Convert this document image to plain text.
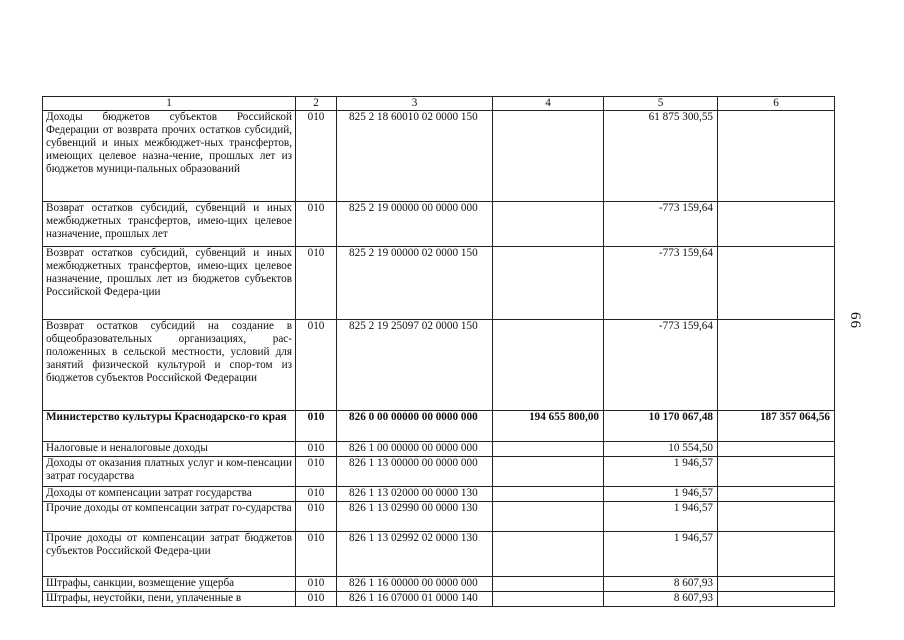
66
1	2	3	4	5	6
Доходы бюджетов субъектов Российской Федерации от возврата прочих остатков субсидий, субвенций и иных межбюджет-ных трансфертов, имеющих целевое назна-чение, прошлых лет из бюджетов муници-пальных образований	010	825 2 18 60010 02 0000 150		61 875 300,55	
Возврат остатков субсидий, субвенций и иных межбюджетных трансфертов, имею-щих целевое назначение, прошлых лет	010	825 2 19 00000 00 0000 000		-773 159,64	
Возврат остатков субсидий, субвенций и иных межбюджетных трансфертов, имею-щих целевое назначение, прошлых лет из бюджетов субъектов Российской Федера-ции	010	825 2 19 00000 02 0000 150		-773 159,64	
Возврат остатков субсидий на создание в общеобразовательных организациях, рас-положенных в сельской местности, условий для занятий физической культурой и спор-том из бюджетов субъектов Российской Федерации	010	825 2 19 25097 02 0000 150		-773 159,64	
Министерство культуры Краснодарско-го края	010	826 0 00 00000 00 0000 000	194 655 800,00	10 170 067,48	187 357 064,56
Налоговые и неналоговые доходы	010	826 1 00 00000 00 0000 000		10 554,50	
Доходы от оказания платных услуг и ком-пенсации затрат государства	010	826 1 13 00000 00 0000 000		1 946,57	
Доходы от компенсации затрат государства	010	826 1 13 02000 00 0000 130		1 946,57	
Прочие доходы от компенсации затрат го-сударства	010	826 1 13 02990 00 0000 130		1 946,57	
Прочие доходы от компенсации затрат бюджетов субъектов Российской Федера-ции	010	826 1 13 02992 02 0000 130		1 946,57	
Штрафы, санкции, возмещение ущерба	010	826 1 16 00000 00 0000 000		8 607,93	
Штрафы, неустойки, пени, уплаченные в	010	826 1 16 07000 01 0000 140		8 607,93	
